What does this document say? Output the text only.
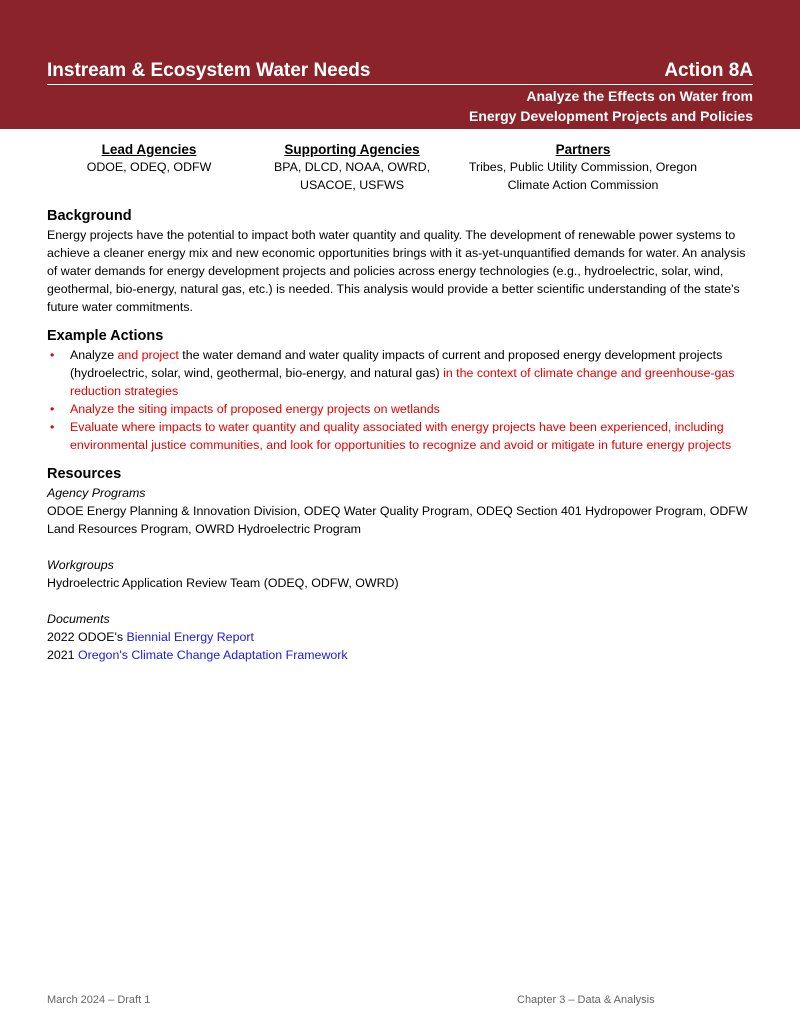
Instream & Ecosystem Water Needs	Action 8A
Analyze the Effects on Water from
Energy Development Projects and Policies
Lead Agencies
ODOE, ODEQ, ODFW
Supporting Agencies
BPA, DLCD, NOAA, OWRD,
USACOE, USFWS
Partners
Tribes, Public Utility Commission, Oregon
Climate Action Commission
Background

Energy projects have the potential to impact both water quantity and quality. The development of renewable power systems to achieve a cleaner energy mix and new economic opportunities brings with it as-yet-unquantified demands for water. An analysis of water demands for energy development projects and policies across energy technologies (e.g., hydroelectric, solar, wind, geothermal, bio-energy, natural gas, etc.) is needed. This analysis would provide a better scientific understanding of the state's future water commitments.

Example Actions
• Analyze and project the water demand and water quality impacts of current and proposed energy development projects (hydroelectric, solar, wind, geothermal, bio-energy, and natural gas) in the context of climate change and greenhouse-gas reduction strategies
• Analyze the siting impacts of proposed energy projects on wetlands
• Evaluate where impacts to water quantity and quality associated with energy projects have been experienced, including environmental justice communities, and look for opportunities to recognize and avoid or mitigate in future energy projects
Resources
Agency Programs

ODOE Energy Planning & Innovation Division, ODEQ Water Quality Program, ODEQ Section 401 Hydropower Program, ODFW Land Resources Program, OWRD Hydroelectric Program

Workgroups

Hydroelectric Application Review Team (ODEQ, ODFW, OWRD)

Documents
2022 ODOE's Biennial Energy Report
2021 Oregon's Climate Change Adaptation Framework
March 2024 – Draft 1	Chapter 3 – Data & Analysis
